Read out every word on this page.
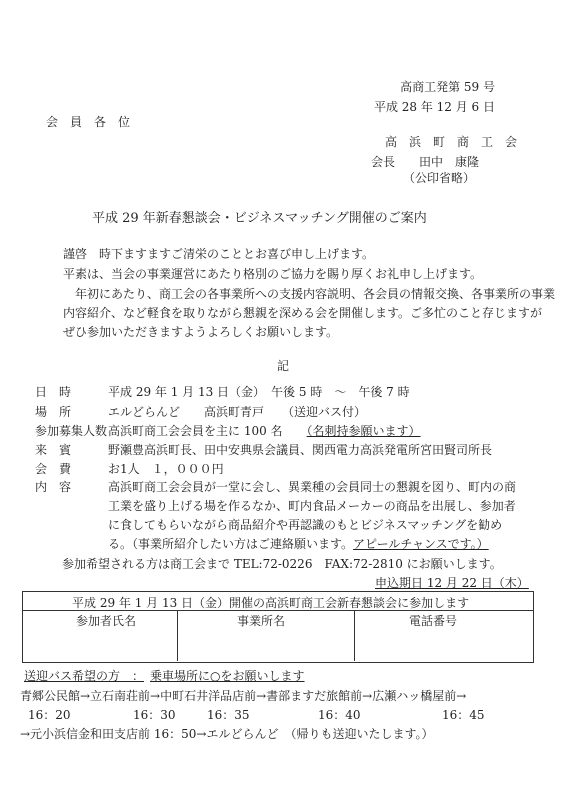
高商工発第 59 号
平成 28 年 12 月 6 日
会　員　各　位
高　浜　町　商　工　会
会長　　田中　康隆
（公印省略）
平成 29 年新春懇談会・ビジネスマッチング開催のご案内
謹啓　時下ますますご清栄のこととお喜び申し上げます。
平素は、当会の事業運営にあたり格別のご協力を賜り厚くお礼申し上げます。
年初にあたり、商工会の各事業所への支援内容説明、各会員の情報交換、各事業所の事業
内容紹介、など軽食を取りながら懇親を深める会を開催します。ご多忙のこと存じますが
ぜひ参加いただきますようよろしくお願いします。
記
日　時	平成 29 年 1 月 13 日（金）　午後 5 時　～　午後 7 時
場　所	エルどらんど　　高浜町青戸　　（送迎バス付）
参加募集人数 高浜町商工会会員を主に 100 名　　（名刺持参願います）
来　賓	野瀬豊高浜町長、田中安典県会議員、関西電力高浜発電所宮田賢司所長
会　費	お1人　１，０００円
内　容	高浜町商工会会員が一堂に会し、異業種の会員同士の懇親を図り、町内の商
工業を盛り上げる場を作るなか、町内食品メーカーの商品を出展し、参加者
に食してもらいながら商品紹介や再認識のもとビジネスマッチングを勧め
る。（事業所紹介したい方はご連絡願います。アピールチャンスです。）
参加希望される方は商工会まで TEL:72-0226　FAX:72-2810 にお願いします。
申込期日 12 月 22 日（木）
平成 29 年 1 月 13 日（金）開催の高浜町商工会新春懇談会に参加します
参加者氏名	事業所名	電話番号
送迎バス希望の方　： 乗車場所に○をお願いします
青郷公民館→立石南荘前→中町石井洋品店前→書部ますだ旅館前→広瀬ハッ橋屋前→
16：20	16：30	16：35	16：40	16：45
→元小浜信金和田支店前 16：50→エルどらんど　（帰りも送迎いたします。）
